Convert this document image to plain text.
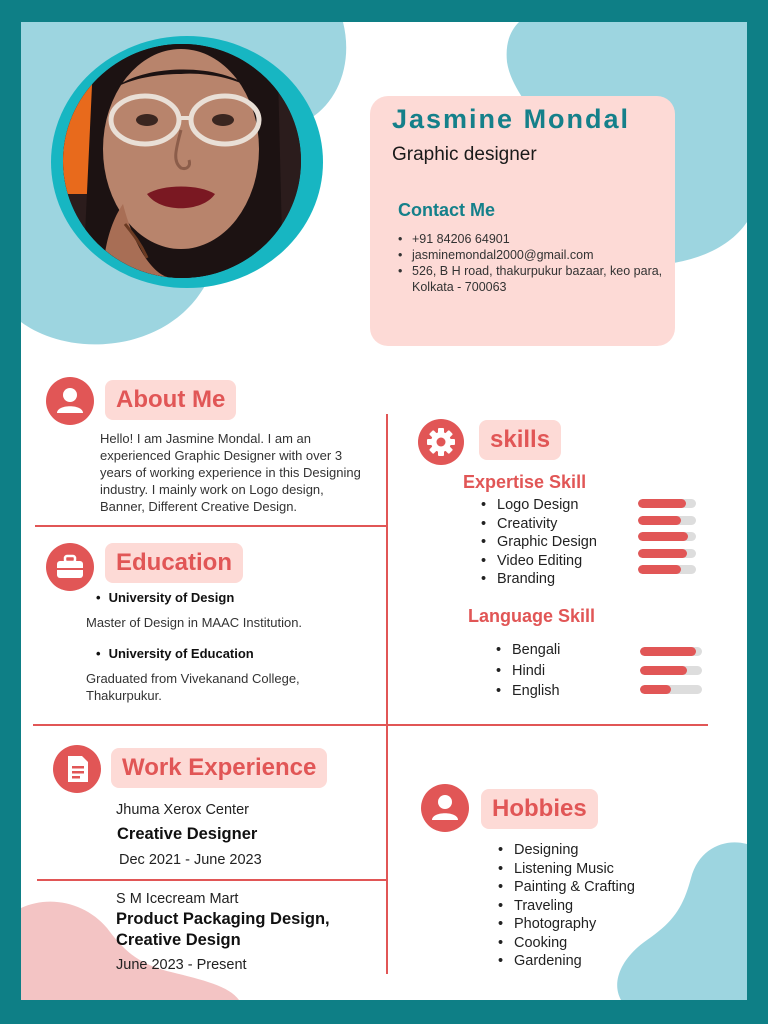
Jasmine Mondal
Graphic designer
Contact Me
• +91 84206 64901
• jasminemondal2000@gmail.com
• 526, B H road, thakurpukur bazaar, keo para, Kolkata - 700063
About Me
Hello! I am Jasmine Mondal. I am an experienced Graphic Designer with over 3 years of working experience in this Designing industry. I mainly work on Logo design, Banner, Different Creative Design.
Education
• University of Design
Master of Design in MAAC Institution.
• University of Education
Graduated from Vivekanand College, Thakurpukur.
skills
Expertise Skill
• Logo Design
• Creativity
• Graphic Design
• Video Editing
• Branding
Language Skill
• Bengali
• Hindi
• English
Work Experience
Jhuma Xerox Center
Creative Designer
Dec 2021 - June 2023
S M Icecream Mart
Product Packaging Design,
Creative Design
June 2023 - Present
Hobbies
• Designing
• Listening Music
• Painting & Crafting
• Traveling
• Photography
• Cooking
• Gardening
